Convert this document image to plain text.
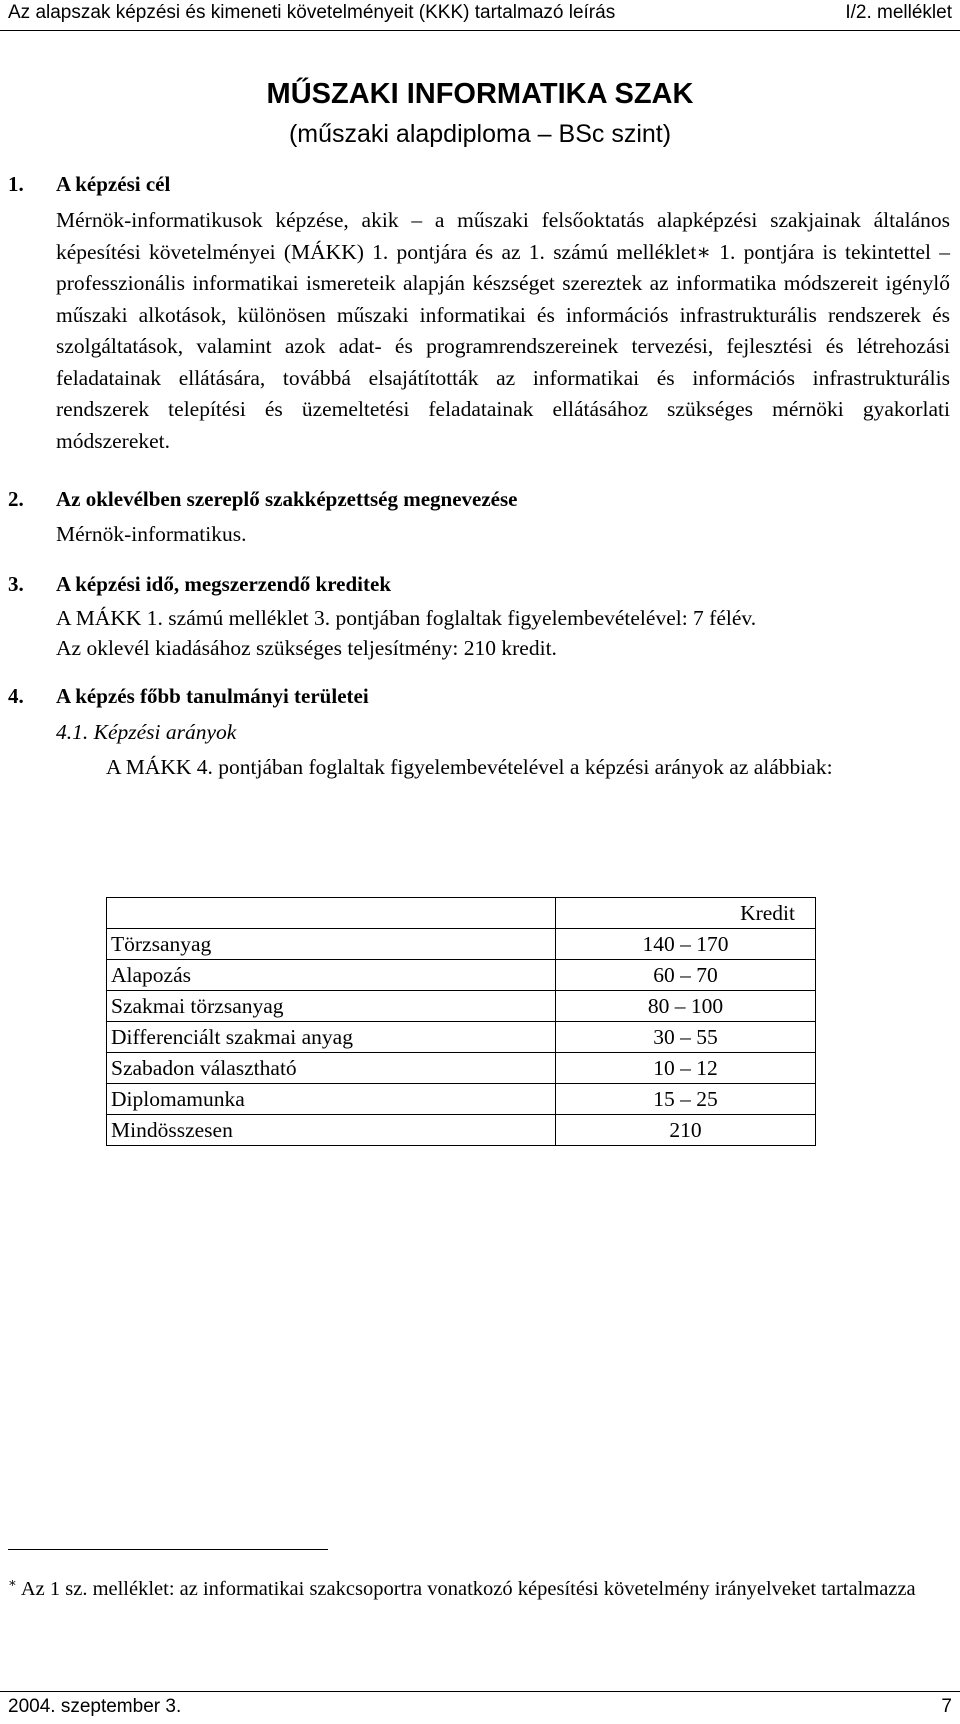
Az alapszak képzési és kimeneti követelményeit (KKK) tartalmazó leírás	I/2. melléklet
MŰSZAKI INFORMATIKA SZAK
(műszaki alapdiploma – BSc szint)
1. A képzési cél
Mérnök-informatikusok képzése, akik – a műszaki felsőoktatás alapképzési szakjainak általános képesítési követelményei (MÁKK) 1. pontjára és az 1. számú melléklet∗ 1. pontjára is tekintettel – professzionális informatikai ismereteik alapján készséget szereztek az informatika módszereit igénylő műszaki alkotások, különösen műszaki informatikai és információs infrastrukturális rendszerek és szolgáltatások, valamint azok adat- és programrendszereinek tervezési, fejlesztési és létrehozási feladatainak ellátására, továbbá elsajátították az informatikai és információs infrastrukturális rendszerek telepítési és üzemeltetési feladatainak ellátásához szükséges mérnöki gyakorlati módszereket.
2. Az oklevélben szereplő szakképzettség megnevezése
Mérnök-informatikus.
3. A képzési idő, megszerzendő kreditek
A MÁKK 1. számú melléklet 3. pontjában foglaltak figyelembevételével: 7 félév.
Az oklevél kiadásához szükséges teljesítmény: 210 kredit.
4. A képzés főbb tanulmányi területei
4.1. Képzési arányok
A MÁKK 4. pontjában foglaltak figyelembevételével a képzési arányok az alábbiak:
	Kredit
Törzsanyag	140 – 170
Alapozás	60 – 70
Szakmai törzsanyag	80 – 100
Differenciált szakmai anyag	30 – 55
Szabadon választható	10 – 12
Diplomamunka	15 – 25
Mindösszesen	210
∗ Az 1 sz. melléklet: az informatikai szakcsoportra vonatkozó képesítési követelmény irányelveket tartalmazza
2004. szeptember 3.	7
